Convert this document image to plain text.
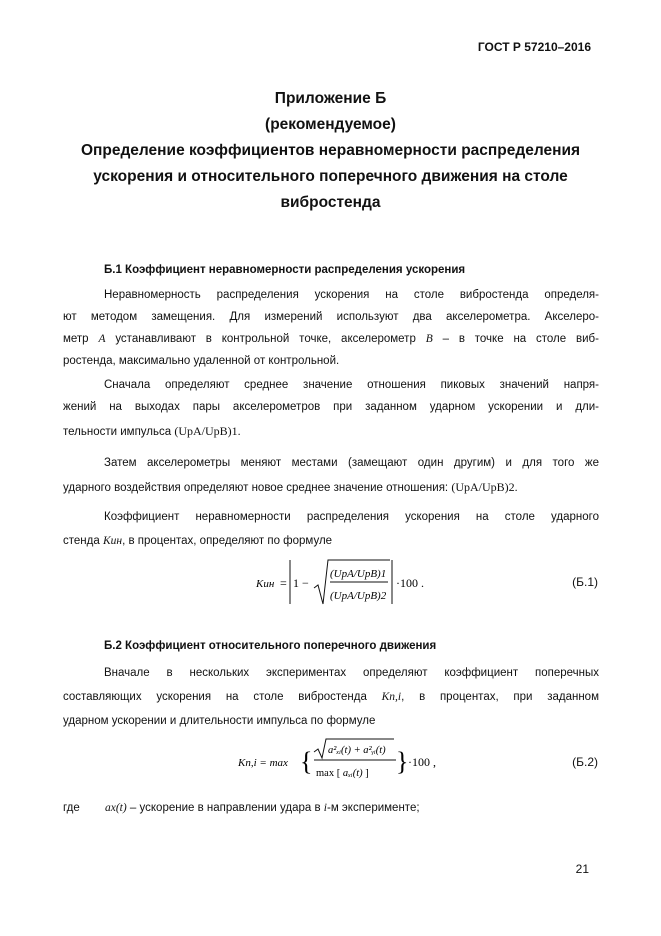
ГОСТ Р 57210–2016
Приложение Б
(рекомендуемое)
Определение коэффициентов неравномерности распределения
ускорения и относительного поперечного движения на столе
вибростенда
Б.1 Коэффициент неравномерности распределения ускорения
Неравномерность распределения ускорения на столе вибростенда определя-
ют методом замещения. Для измерений используют два акселерометра. Акселеро-
метр A устанавливают в контрольной точке, акселерометр B – в точке на столе виб-
ростенда, максимально удаленной от контрольной.
Сначала определяют среднее значение отношения пиковых значений напря-
жений на выходах пары акселерометров при заданном ударном ускорении и дли-
тельности импульса (UpA/UpB)1.
Затем акселерометры меняют местами (замещают один другим) и для того же
ударного воздействия определяют новое среднее значение отношения: (UpA/UpB)2.
Коэффициент неравномерности распределения ускорения на столе ударного
стенда Kин, в процентах, определяют по формуле
Kин = 1 −
(UpA/UpB)1
(UpA/UpB)2
·100 .	(Б.1)
Б.2 Коэффициент относительного поперечного движения
Вначале в нескольких экспериментах определяют коэффициент поперечных
составляющих ускорения на столе вибростенда Kп,i, в процентах, при заданном
ударном ускорении и длительности импульса по формуле
Kп,i = max { a²ₓᵢ(t) + a²ᵧᵢ(t)
max [ aₓᵢ(t) ] } ·100 ,	(Б.2)
где ax(t) – ускорение в направлении удара в i-м эксперименте;
21
